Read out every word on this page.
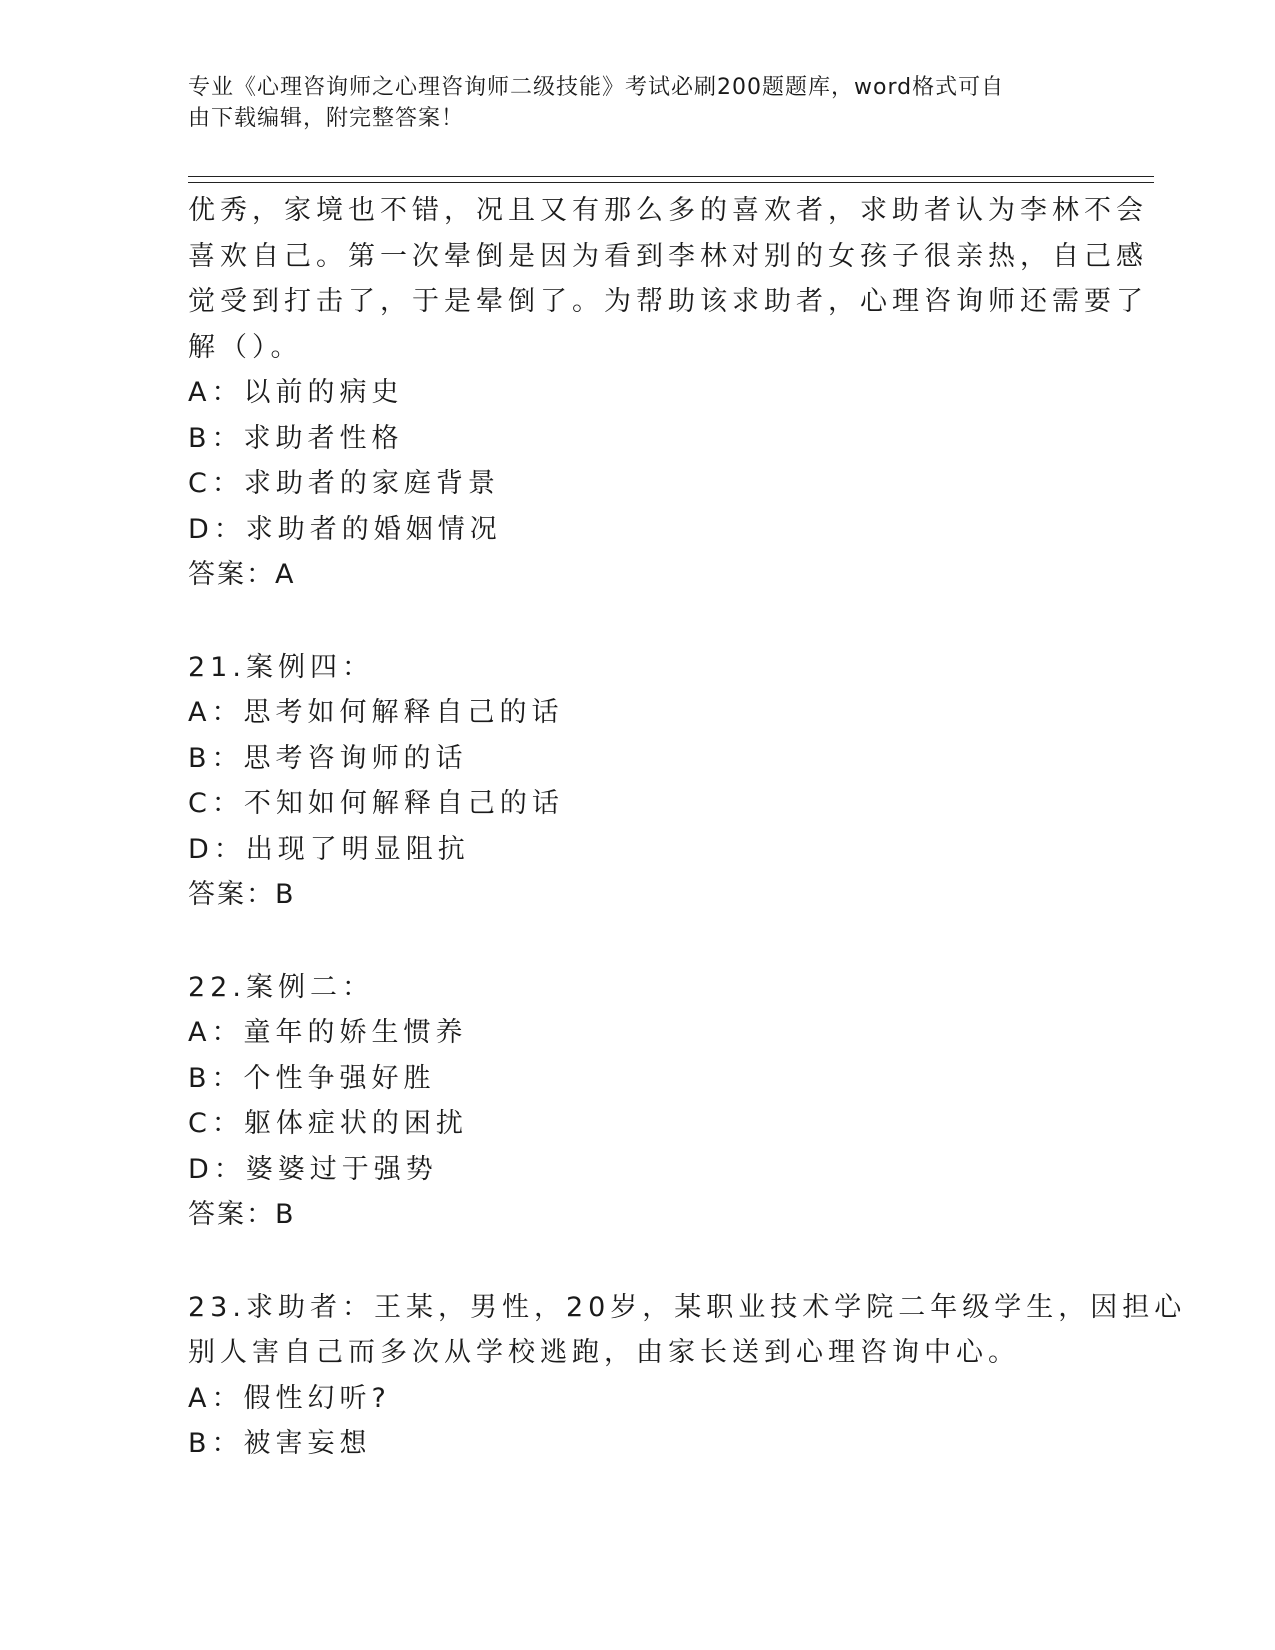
专业《心理咨询师之心理咨询师二级技能》考试必刷200题题库，word格式可自
由下载编辑，附完整答案！
优秀，家境也不错，况且又有那么多的喜欢者，求助者认为李林不会
喜欢自己。第一次晕倒是因为看到李林对别的女孩子很亲热，自己感
觉受到打击了，于是晕倒了。为帮助该求助者，心理咨询师还需要了
解（）。
A：以前的病史
B：求助者性格
C：求助者的家庭背景
D：求助者的婚姻情况
答案：A
21.案例四：
A：思考如何解释自己的话
B：思考咨询师的话
C：不知如何解释自己的话
D：出现了明显阻抗
答案：B
22.案例二：
A：童年的娇生惯养
B：个性争强好胜
C：躯体症状的困扰
D：婆婆过于强势
答案：B
23.求助者：王某，男性，20岁，某职业技术学院二年级学生，因担心
别人害自己而多次从学校逃跑，由家长送到心理咨询中心。
A：假性幻听?
B：被害妄想
